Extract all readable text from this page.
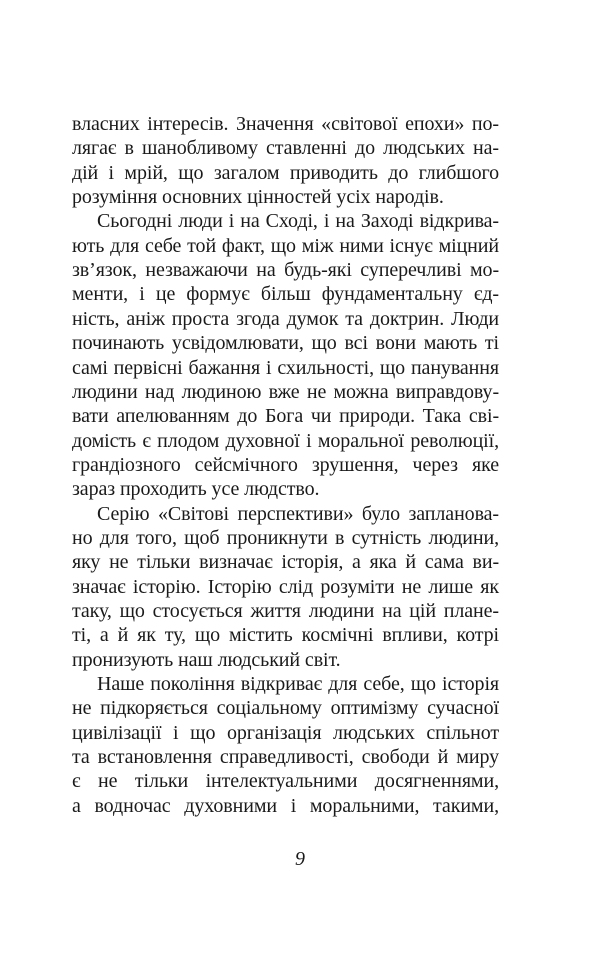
власних інтересів. Значення «світової епохи» по-
лягає в шанобливому ставленні до людських на-
дій і мрій, що загалом приводить до глибшого
розуміння основних цінностей усіх народів.
Сьогодні люди і на Сході, і на Заході відкрива-
ють для себе той факт, що між ними існує міцний
зв’язок, незважаючи на будь-які суперечливі мо-
менти, і це формує більш фундаментальну єд-
ність, аніж проста згода думок та доктрин. Люди
починають усвідомлювати, що всі вони мають ті
самі первісні бажання і схильності, що панування
людини над людиною вже не можна виправдову-
вати апелюванням до Бога чи природи. Така сві-
домість є плодом духовної і моральної революції,
грандіозного сейсмічного зрушення, через яке
зараз проходить усе людство.
Серію «Світові перспективи» було запланова-
но для того, щоб проникнути в сутність людини,
яку не тільки визначає історія, а яка й сама ви-
значає історію. Історію слід розуміти не лише як
таку, що стосується життя людини на цій плане-
ті, а й як ту, що містить космічні впливи, котрі
пронизують наш людський світ.
Наше покоління відкриває для себе, що історія
не підкоряється соціальному оптимізму сучасної
цивілізації і що організація людських спільнот
та встановлення справедливості, свободи й миру
є не тільки інтелектуальними досягненнями,
а водночас духовними і моральними, такими,
9
